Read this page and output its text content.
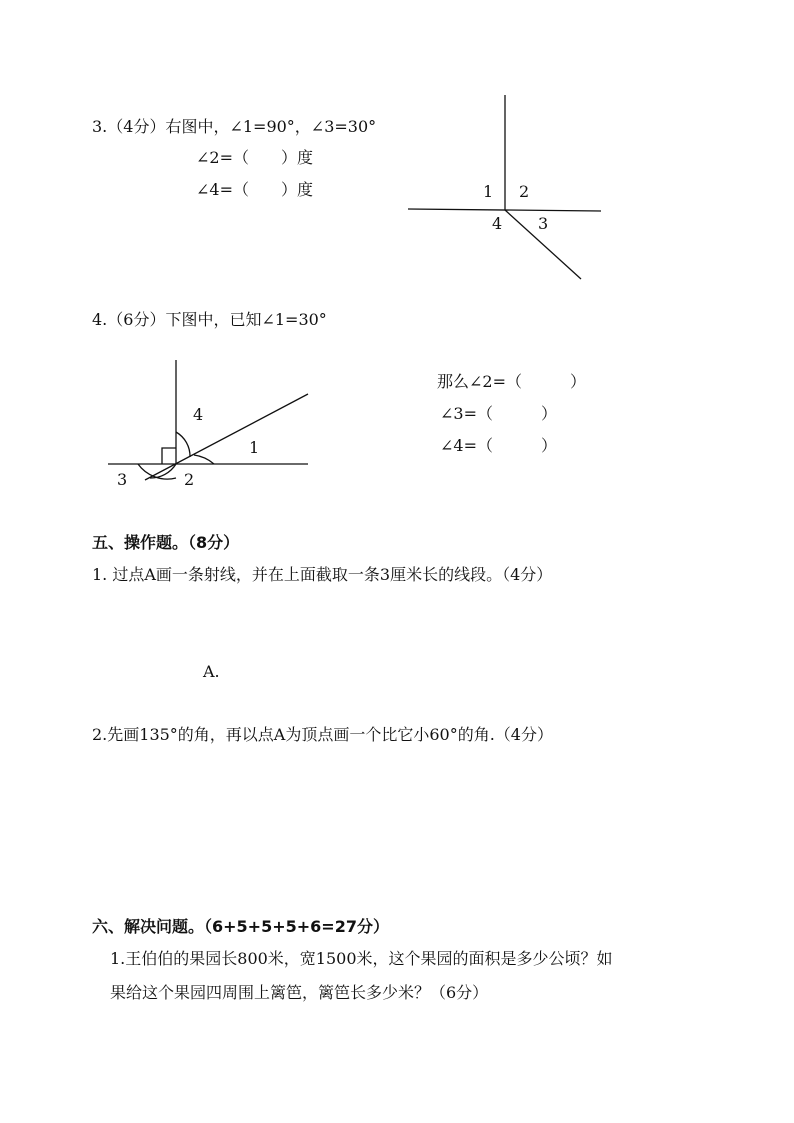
3.（4分）右图中，∠1=90°，∠3=30°
∠2=（　　）度
∠4=（　　）度	1 2
4 3
4.（6分）下图中，已知∠1=30°
那么∠2=（　　　）
∠3=（　　　）
∠4=（　　　）
4
1
3	2
五、操作题。（8分）
1. 过点A画一条射线，并在上面截取一条3厘米长的线段。（4分）
A.
2.先画135°的角，再以点A为顶点画一个比它小60°的角.（4分）
六、解决问题。（6+5+5+5+6=27分）
1.王伯伯的果园长800米，宽1500米，这个果园的面积是多少公顷？如
果给这个果园四周围上篱笆，篱笆长多少米？（6分）
